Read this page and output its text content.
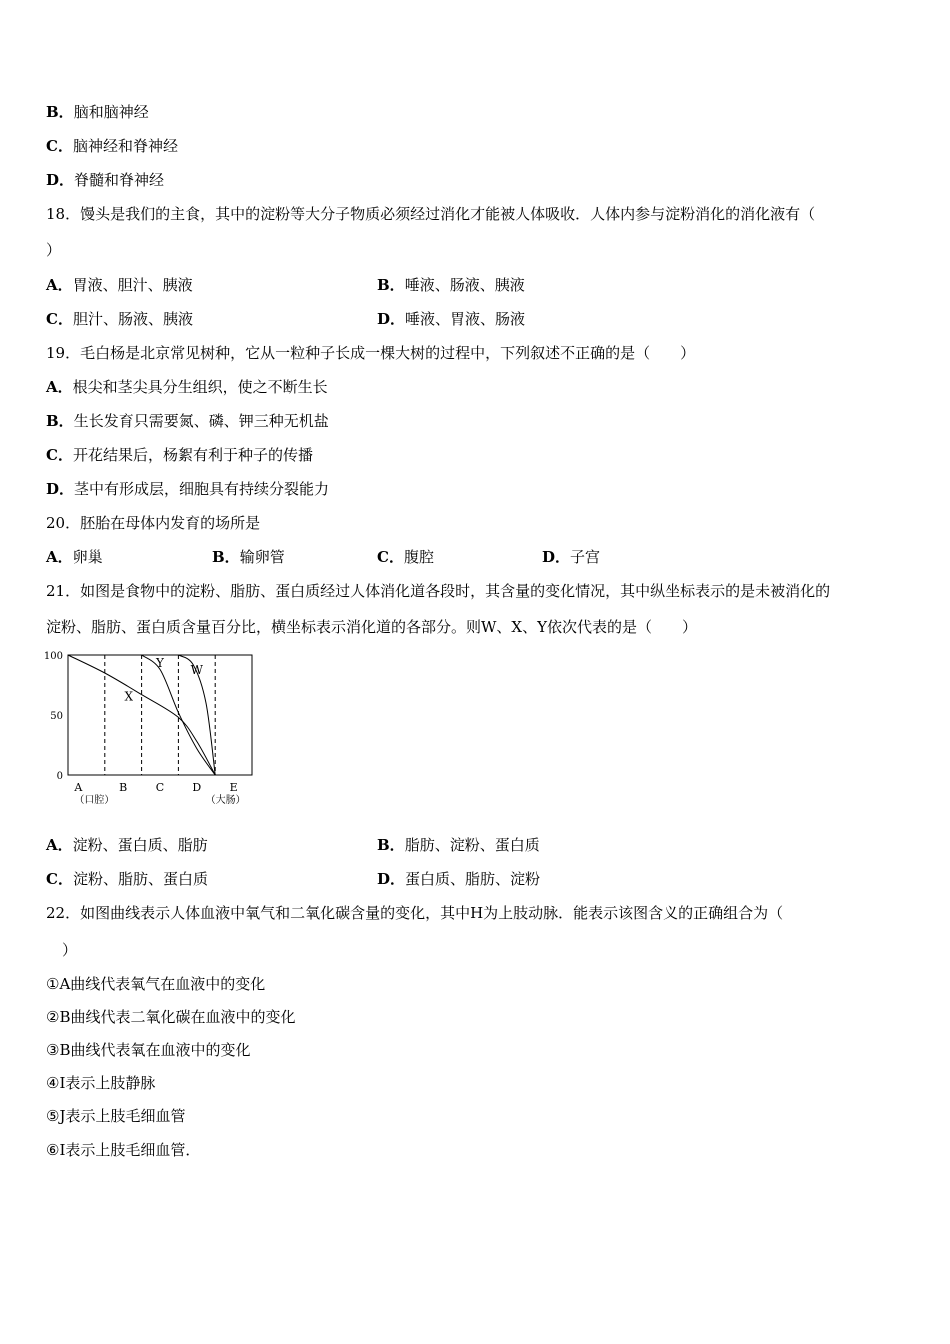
B．脑和脑神经
C．脑神经和脊神经
D．脊髓和脊神经
18．馒头是我们的主食，其中的淀粉等大分子物质必须经过消化才能被人体吸收．人体内参与淀粉消化的消化液有（
）
A．胃液、胆汁、胰液	B．唾液、肠液、胰液
C．胆汁、肠液、胰液	D．唾液、胃液、肠液
19．毛白杨是北京常见树种，它从一粒种子长成一棵大树的过程中，下列叙述不正确的是（　　）
A．根尖和茎尖具分生组织，使之不断生长
B．生长发育只需要氮、磷、钾三种无机盐
C．开花结果后，杨絮有利于种子的传播
D．茎中有形成层，细胞具有持续分裂能力
20．胚胎在母体内发育的场所是
A．卵巢	B．输卵管	C．腹腔	D．子宫
21．如图是食物中的淀粉、脂肪、蛋白质经过人体消化道各段时，其含量的变化情况，其中纵坐标表示的是未被消化的
淀粉、脂肪、蛋白质含量百分比，横坐标表示消化道的各部分。则W、X、Y依次代表的是（　　）
100
50
0
A
（口腔）
B	C	D	E
（大肠）
X
Y
W
A．淀粉、蛋白质、脂肪	B．脂肪、淀粉、蛋白质
C．淀粉、脂肪、蛋白质	D．蛋白质、脂肪、淀粉
22．如图曲线表示人体血液中氧气和二氧化碳含量的变化，其中H为上肢动脉．能表示该图含义的正确组合为（
）
①A曲线代表氧气在血液中的变化
②B曲线代表二氧化碳在血液中的变化
③B曲线代表氧在血液中的变化
④I表示上肢静脉
⑤J表示上肢毛细血管
⑥I表示上肢毛细血管．
